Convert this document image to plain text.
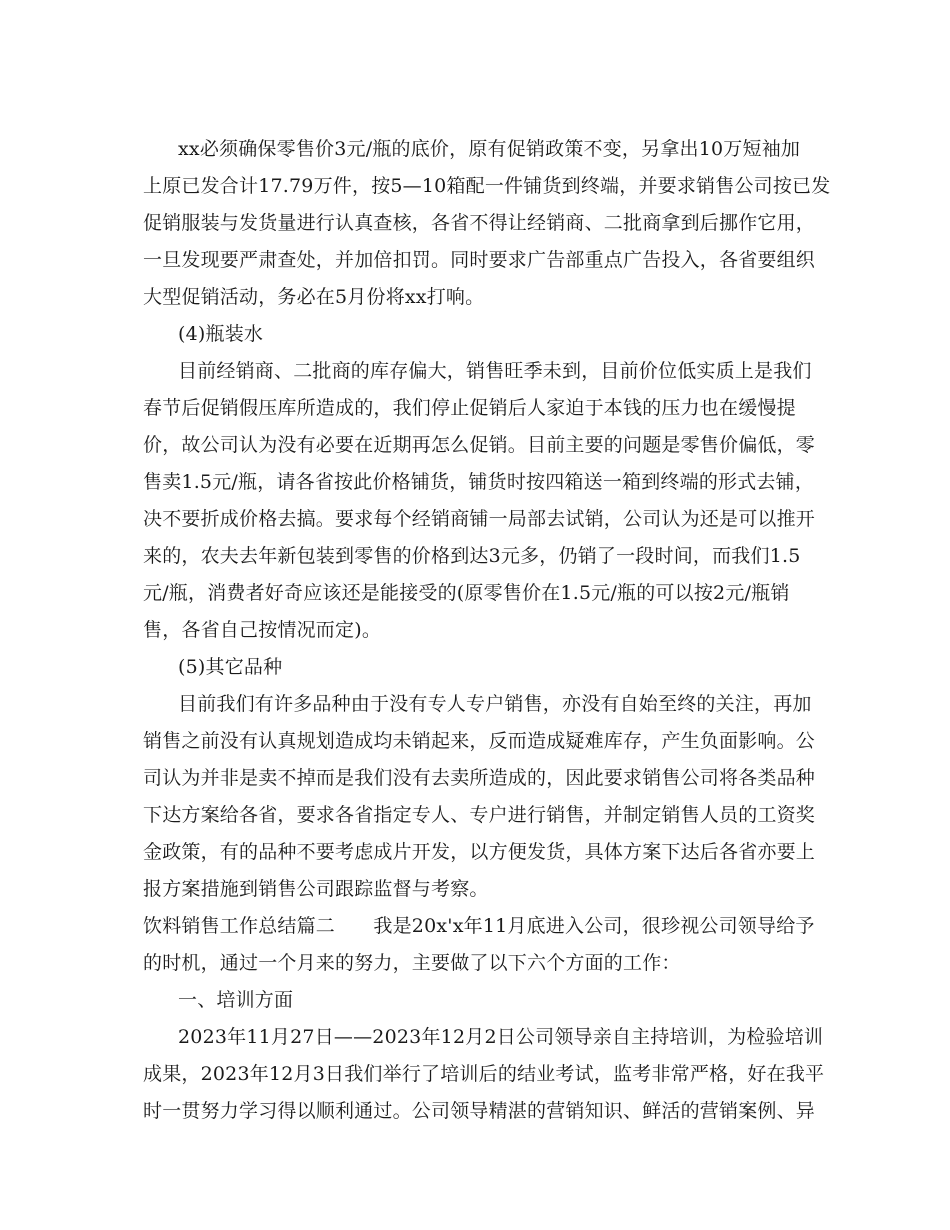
xx必须确保零售价3元/瓶的底价，原有促销政策不变，另拿出10万短袖加
上原已发合计17.79万件，按5—10箱配一件铺货到终端，并要求销售公司按已发
促销服装与发货量进行认真查核，各省不得让经销商、二批商拿到后挪作它用，
一旦发现要严肃查处，并加倍扣罚。同时要求广告部重点广告投入，各省要组织
大型促销活动，务必在5月份将xx打响。
(4)瓶装水
目前经销商、二批商的库存偏大，销售旺季未到，目前价位低实质上是我们
春节后促销假压库所造成的，我们停止促销后人家迫于本钱的压力也在缓慢提
价，故公司认为没有必要在近期再怎么促销。目前主要的问题是零售价偏低，零
售卖1.5元/瓶，请各省按此价格铺货，铺货时按四箱送一箱到终端的形式去铺，
决不要折成价格去搞。要求每个经销商铺一局部去试销，公司认为还是可以推开
来的，农夫去年新包装到零售的价格到达3元多，仍销了一段时间，而我们1.5
元/瓶，消费者好奇应该还是能接受的(原零售价在1.5元/瓶的可以按2元/瓶销
售，各省自己按情况而定)。
(5)其它品种
目前我们有许多品种由于没有专人专户销售，亦没有自始至终的关注，再加
销售之前没有认真规划造成均未销起来，反而造成疑难库存，产生负面影响。公
司认为并非是卖不掉而是我们没有去卖所造成的，因此要求销售公司将各类品种
下达方案给各省，要求各省指定专人、专户进行销售，并制定销售人员的工资奖
金政策，有的品种不要考虑成片开发，以方便发货，具体方案下达后各省亦要上
报方案措施到销售公司跟踪监督与考察。
饮料销售工作总结篇二　　我是20x'x年11月底进入公司，很珍视公司领导给予
的时机，通过一个月来的努力，主要做了以下六个方面的工作：
一、培训方面
2023年11月27日——2023年12月2日公司领导亲自主持培训，为检验培训
成果，2023年12月3日我们举行了培训后的结业考试，监考非常严格，好在我平
时一贯努力学习得以顺利通过。公司领导精湛的营销知识、鲜活的营销案例、异
